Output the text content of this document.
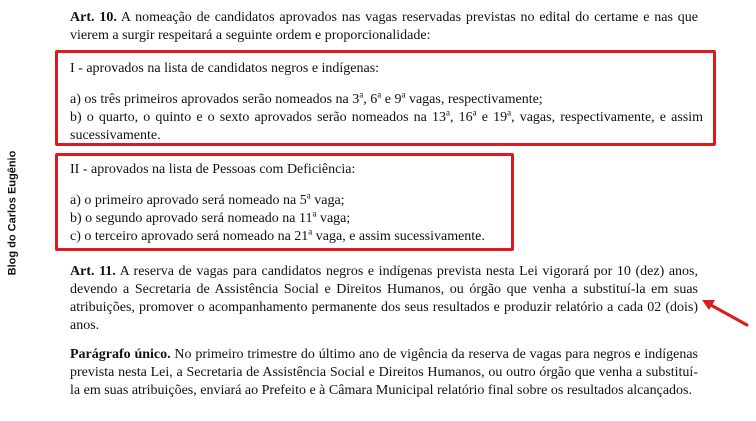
Blog do Carlos Eugênio

Art. 10. A nomeação de candidatos aprovados nas vagas reservadas previstas no edital do certame e nas que vierem a surgir respeitará a seguinte ordem e proporcionalidade:

I - aprovados na lista de candidatos negros e indígenas:

a) os três primeiros aprovados serão nomeados na 3$^a$, 6$^a$ e 9$^a$ vagas, respectivamente;

b) o quarto, o quinto e o sexto aprovados serão nomeados na 13$^a$, 16$^a$ e 19$^a$, vagas, respectivamente, e assim sucessivamente.

II - aprovados na lista de Pessoas com Deficiência:

a) o primeiro aprovado será nomeado na 5$^a$ vaga;

b) o segundo aprovado será nomeado na 11$^a$ vaga;

c) o terceiro aprovado será nomeado na 21$^a$ vaga, e assim sucessivamente.

Art. 11. A reserva de vagas para candidatos negros e indígenas prevista nesta Lei vigorará por 10 (dez) anos, devendo a Secretaria de Assistência Social e Direitos Humanos, ou órgão que venha a substituí-la em suas atribuições, promover o acompanhamento permanente dos seus resultados e produzir relatório a cada 02 (dois) anos.

Parágrafo único. No primeiro trimestre do último ano de vigência da reserva de vagas para negros e indígenas prevista nesta Lei, a Secretaria de Assistência Social e Direitos Humanos, ou outro órgão que venha a substituí-la em suas atribuições, enviará ao Prefeito e à Câmara Municipal relatório final sobre os resultados alcançados.
